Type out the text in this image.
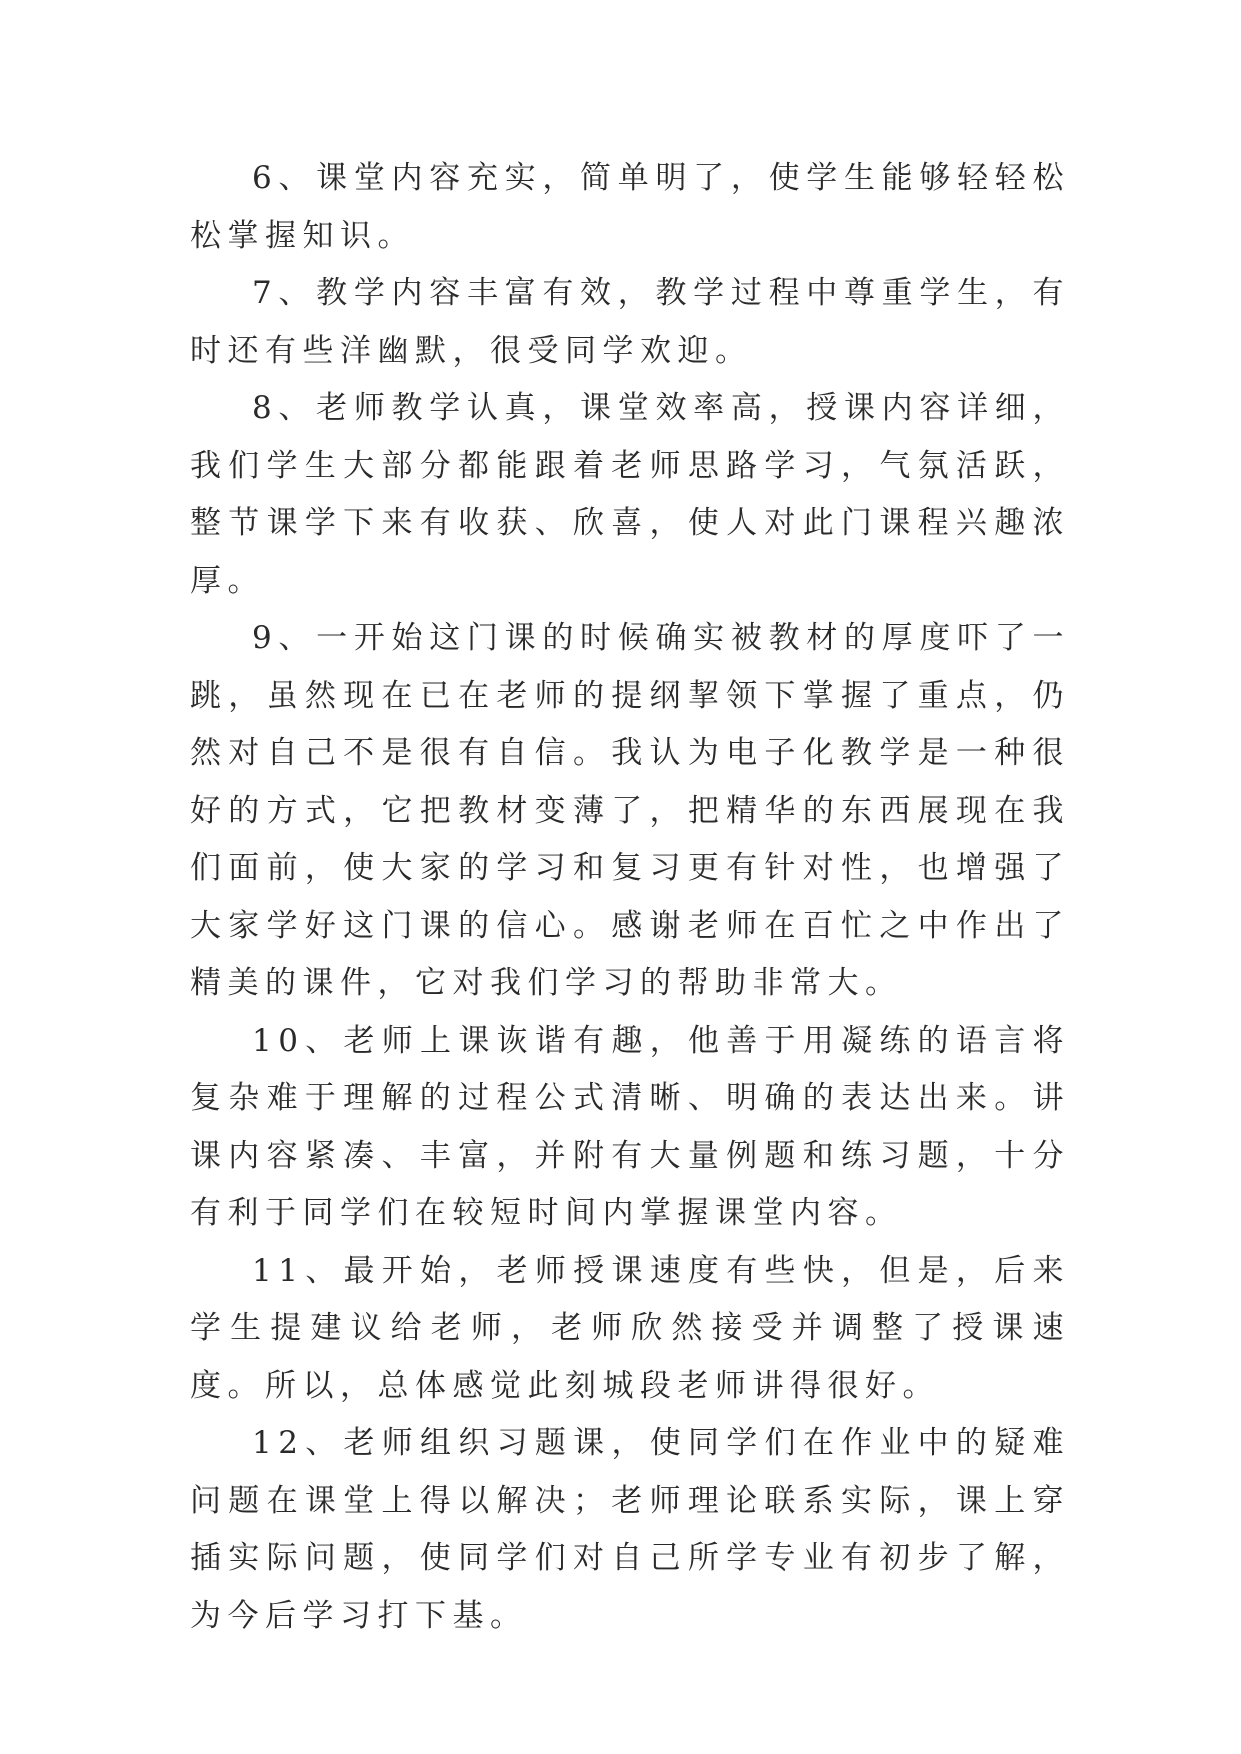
6、课堂内容充实，简单明了，使学生能够轻轻松松掌握知识。

7、教学内容丰富有效，教学过程中尊重学生，有时还有些洋幽默，很受同学欢迎。

8、老师教学认真，课堂效率高，授课内容详细，我们学生大部分都能跟着老师思路学习，气氛活跃，整节课学下来有收获、欣喜，使人对此门课程兴趣浓厚。

9、一开始这门课的时候确实被教材的厚度吓了一跳，虽然现在已在老师的提纲挈领下掌握了重点，仍然对自己不是很有自信。我认为电子化教学是一种很好的方式，它把教材变薄了，把精华的东西展现在我们面前，使大家的学习和复习更有针对性，也增强了大家学好这门课的信心。感谢老师在百忙之中作出了精美的课件，它对我们学习的帮助非常大。

10、老师上课诙谐有趣，他善于用凝练的语言将复杂难于理解的过程公式清晰、明确的表达出来。讲课内容紧凑、丰富，并附有大量例题和练习题，十分有利于同学们在较短时间内掌握课堂内容。

11、最开始，老师授课速度有些快，但是，后来学生提建议给老师，老师欣然接受并调整了授课速度。所以，总体感觉此刻城段老师讲得很好。

12、老师组织习题课，使同学们在作业中的疑难问题在课堂上得以解决；老师理论联系实际，课上穿插实际问题，使同学们对自己所学专业有初步了解，为今后学习打下基。
